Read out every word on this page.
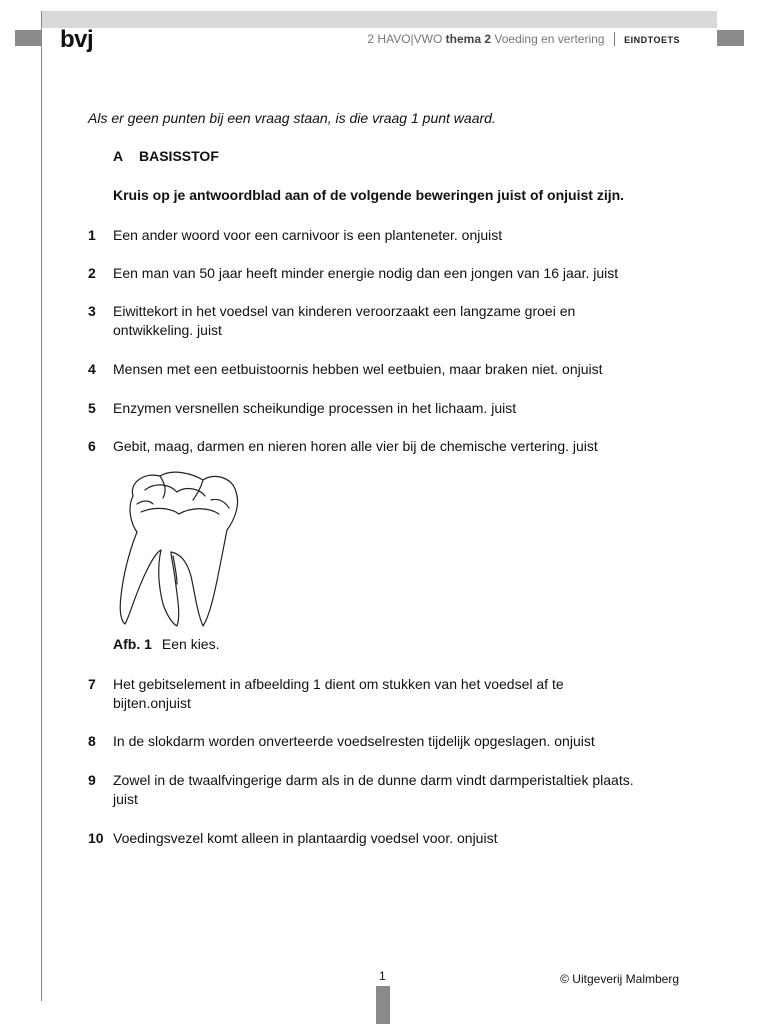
bvj	2 HAVO|VWO thema 2 Voeding en vertering EINDTOETS
Als er geen punten bij een vraag staan, is die vraag 1 punt waard.
A BASISSTOF
Kruis op je antwoordblad aan of de volgende beweringen juist of onjuist zijn.
1 Een ander woord voor een carnivoor is een planteneter. onjuist
2 Een man van 50 jaar heeft minder energie nodig dan een jongen van 16 jaar. juist
3 Eiwittekort in het voedsel van kinderen veroorzaakt een langzame groei en ontwikkeling. juist
4 Mensen met een eetbuistoornis hebben wel eetbuien, maar braken niet. onjuist
5 Enzymen versnellen scheikundige processen in het lichaam. juist
6 Gebit, maag, darmen en nieren horen alle vier bij de chemische vertering. juist
Afb. 1 Een kies.
7 Het gebitselement in afbeelding 1 dient om stukken van het voedsel af te bijten.onjuist
8 In de slokdarm worden onverteerde voedselresten tijdelijk opgeslagen. onjuist
9 Zowel in de twaalfvingerige darm als in de dunne darm vindt darmperistaltiek plaats. juist
10 Voedingsvezel komt alleen in plantaardig voedsel voor. onjuist
1	© Uitgeverij Malmberg
